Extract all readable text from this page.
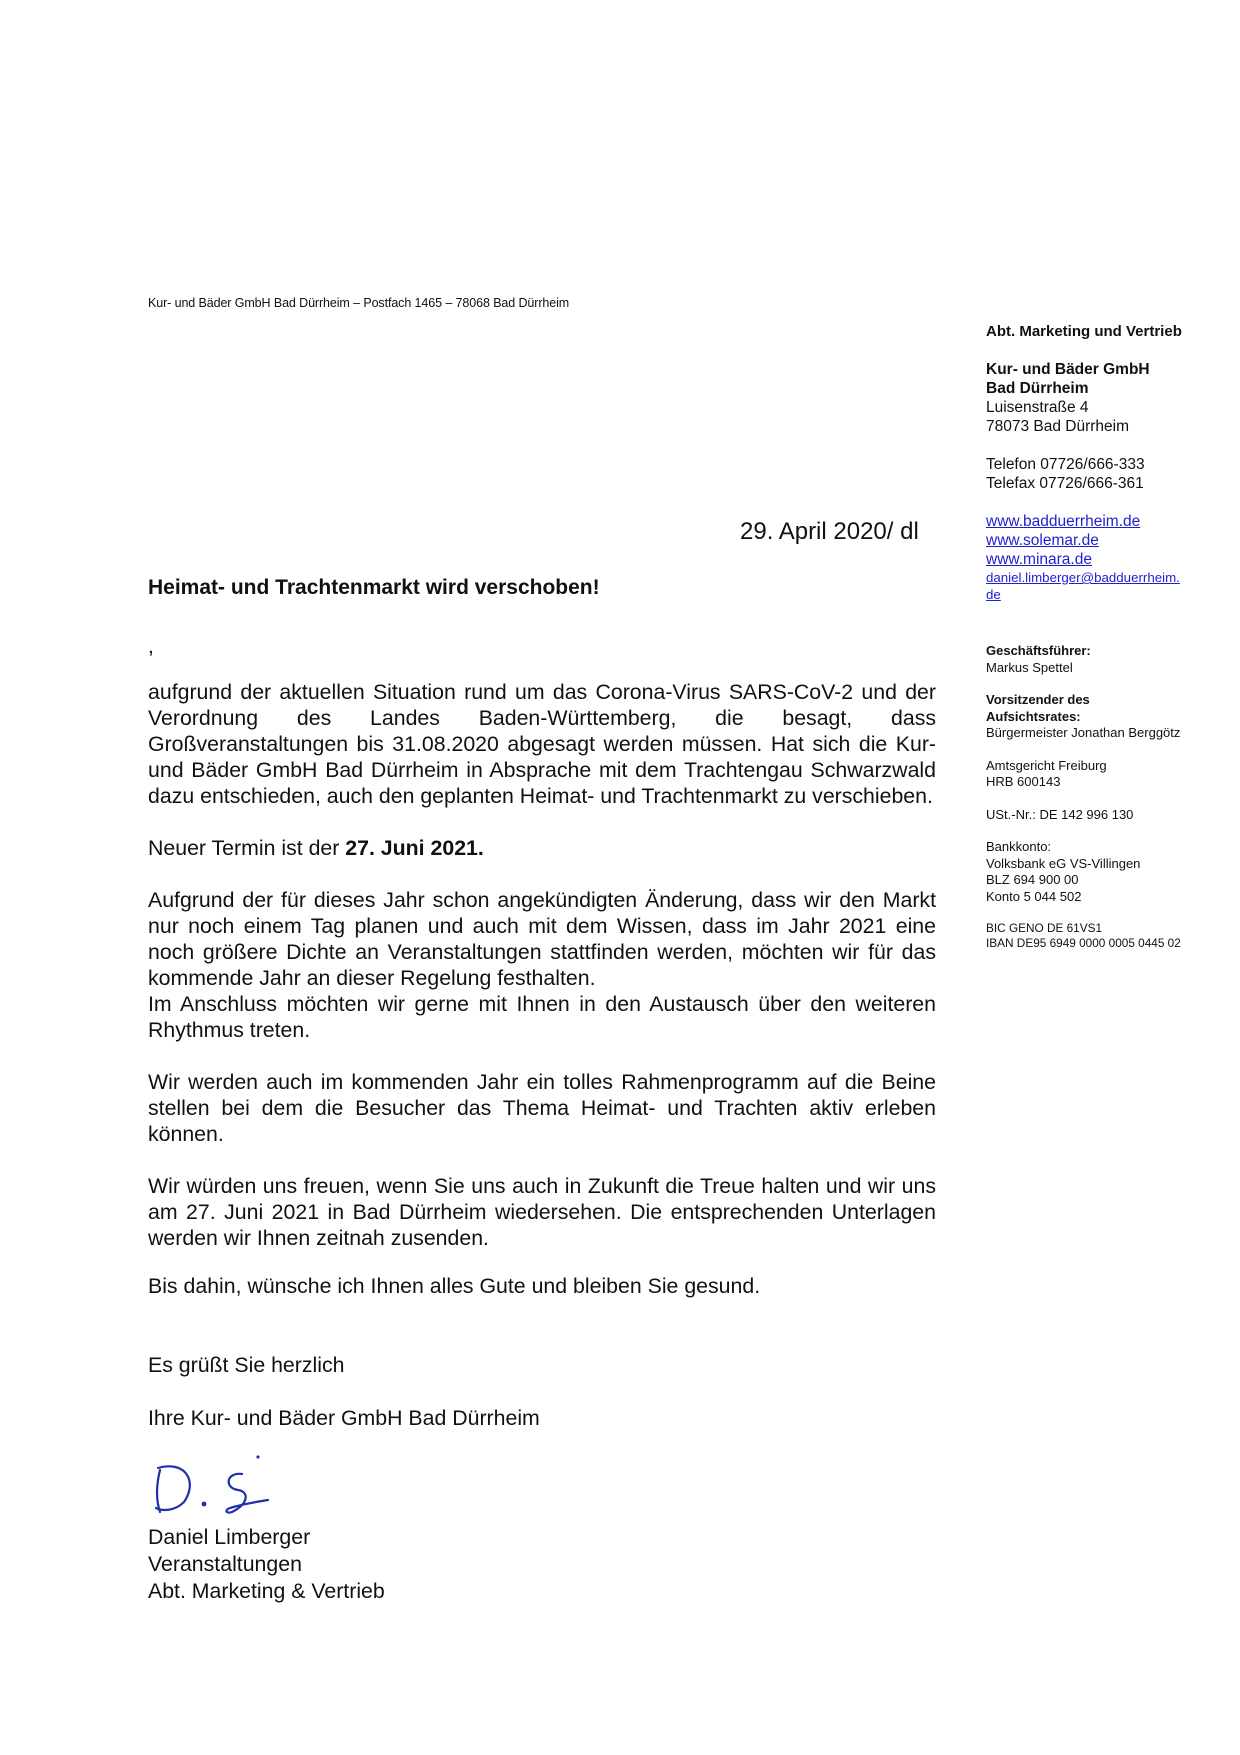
Kur- und Bäder GmbH Bad Dürrheim – Postfach 1465 – 78068 Bad Dürrheim
Abt. Marketing und Vertrieb
Kur- und Bäder GmbH
Bad Dürrheim
Luisenstraße 4
78073 Bad Dürrheim
Telefon 07726/666-333
Telefax 07726/666-361
www.badduerrheim.de
www.solemar.de
www.minara.de
daniel.limberger@badduerrheim.
de
Geschäftsführer:
Markus Spettel
Vorsitzender des
Aufsichtsrates:
Bürgermeister Jonathan Berggötz
Amtsgericht Freiburg
HRB 600143
USt.-Nr.: DE 142 996 130
Bankkonto:
Volksbank eG VS-Villingen
BLZ 694 900 00
Konto 5 044 502
BIC GENO DE 61VS1
IBAN DE95 6949 0000 0005 0445 02
29. April 2020/ dl
Heimat- und Trachtenmarkt wird verschoben!
,

aufgrund der aktuellen Situation rund um das Corona-Virus SARS-CoV-2 und der Verordnung des Landes Baden-Württemberg, die besagt, dass Großveranstaltungen bis 31.08.2020 abgesagt werden müssen. Hat sich die Kur- und Bäder GmbH Bad Dürrheim in Absprache mit dem Trachtengau Schwarzwald dazu entschieden, auch den geplanten Heimat- und Trachtenmarkt zu verschieben.

Neuer Termin ist der 27. Juni 2021.

Aufgrund der für dieses Jahr schon angekündigten Änderung, dass wir den Markt nur noch einem Tag planen und auch mit dem Wissen, dass im Jahr 2021 eine noch größere Dichte an Veranstaltungen stattfinden werden, möchten wir für das kommende Jahr an dieser Regelung festhalten.

Im Anschluss möchten wir gerne mit Ihnen in den Austausch über den weiteren Rhythmus treten.

Wir werden auch im kommenden Jahr ein tolles Rahmenprogramm auf die Beine stellen bei dem die Besucher das Thema Heimat- und Trachten aktiv erleben können.

Wir würden uns freuen, wenn Sie uns auch in Zukunft die Treue halten und wir uns am 27. Juni 2021 in Bad Dürrheim wiedersehen. Die entsprechenden Unterlagen werden wir Ihnen zeitnah zusenden.

Bis dahin, wünsche ich Ihnen alles Gute und bleiben Sie gesund.

Es grüßt Sie herzlich
Ihre Kur- und Bäder GmbH Bad Dürrheim
Daniel Limberger
Veranstaltungen
Abt. Marketing & Vertrieb
